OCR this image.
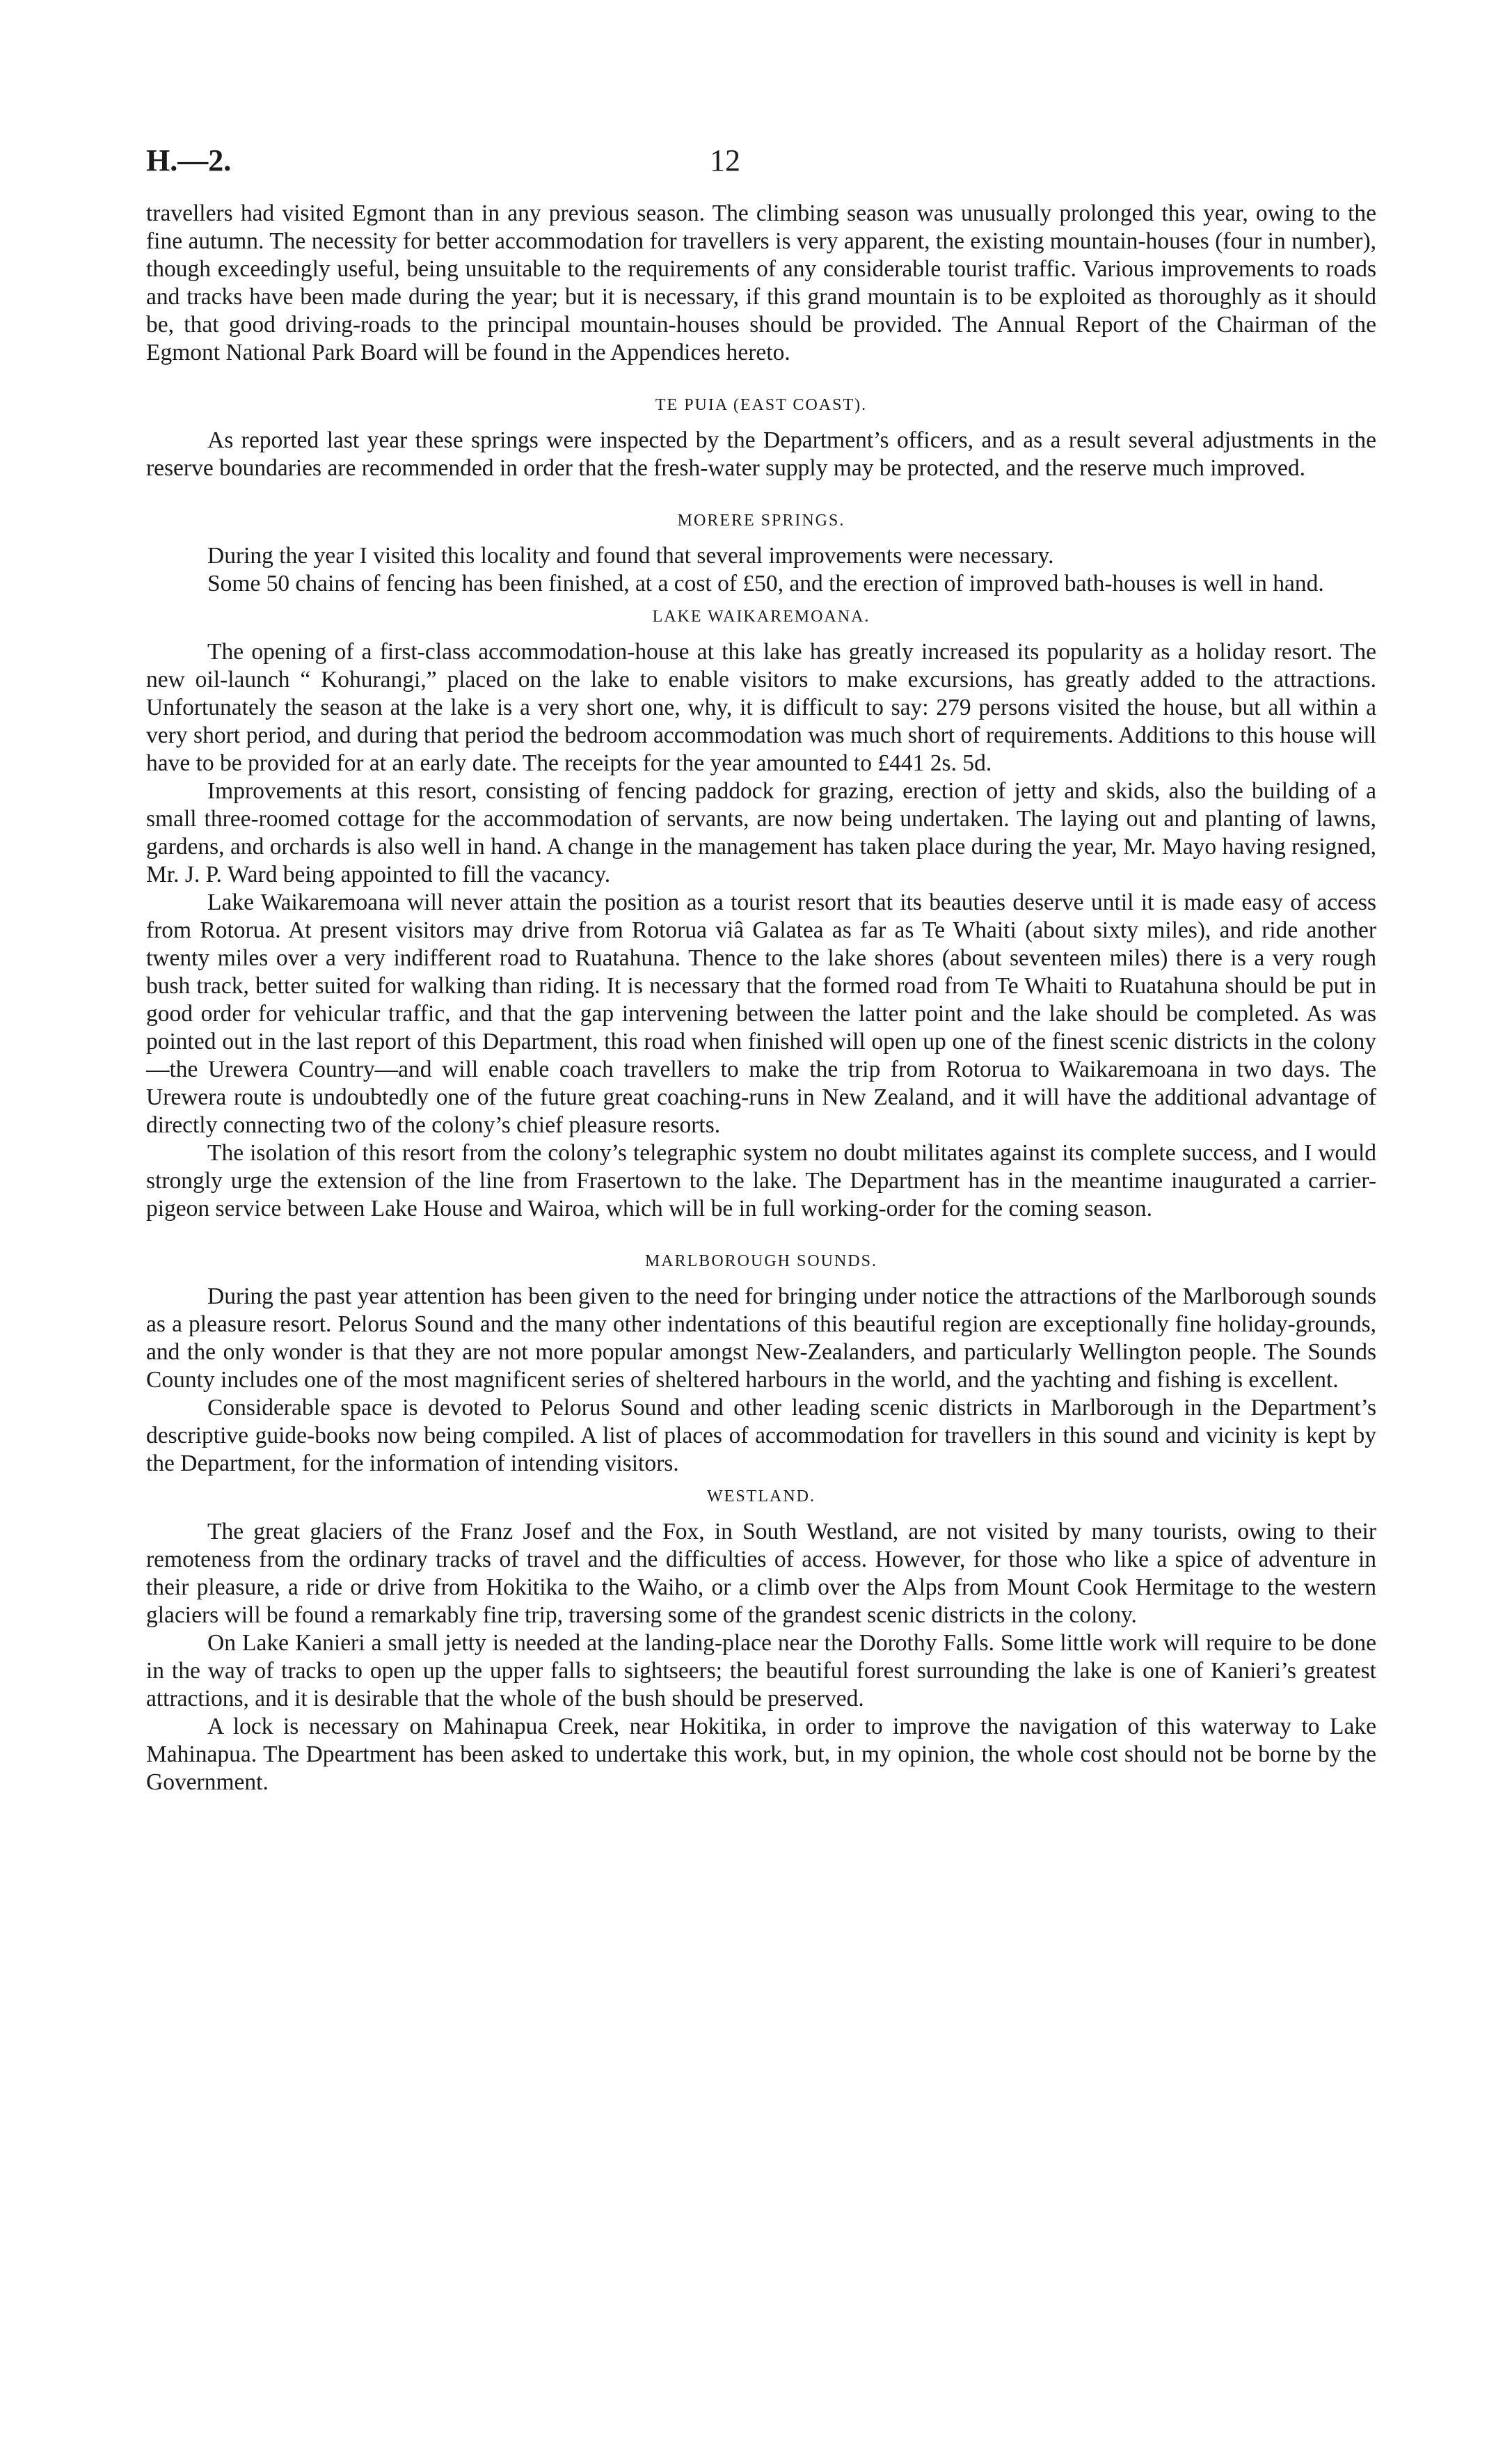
H.—2.	12

travellers had visited Egmont than in any previous season. The climbing season was unusually prolonged this year, owing to the fine autumn. The necessity for better accommodation for travellers is very apparent, the existing mountain-houses (four in number), though exceedingly useful, being unsuitable to the requirements of any considerable tourist traffic. Various improvements to roads and tracks have been made during the year; but it is necessary, if this grand mountain is to be exploited as thoroughly as it should be, that good driving-roads to the principal mountain-houses should be provided. The Annual Report of the Chairman of the Egmont National Park Board will be found in the Appendices hereto.

TE PUIA (EAST COAST).

As reported last year these springs were inspected by the Department’s officers, and as a result several adjustments in the reserve boundaries are recommended in order that the fresh-water supply may be protected, and the reserve much improved.

MORERE SPRINGS.

During the year I visited this locality and found that several improvements were necessary.

Some 50 chains of fencing has been finished, at a cost of £50, and the erection of improved bath-houses is well in hand.

LAKE WAIKAREMOANA.

The opening of a first-class accommodation-house at this lake has greatly increased its popularity as a holiday resort. The new oil-launch “ Kohurangi,” placed on the lake to enable visitors to make excursions, has greatly added to the attractions. Unfortunately the season at the lake is a very short one, why, it is difficult to say: 279 persons visited the house, but all within a very short period, and during that period the bedroom accommodation was much short of requirements. Additions to this house will have to be provided for at an early date. The receipts for the year amounted to £441 2s. 5d.

Improvements at this resort, consisting of fencing paddock for grazing, erection of jetty and skids, also the building of a small three-roomed cottage for the accommodation of servants, are now being undertaken. The laying out and planting of lawns, gardens, and orchards is also well in hand. A change in the management has taken place during the year, Mr. Mayo having resigned, Mr. J. P. Ward being appointed to fill the vacancy.

Lake Waikaremoana will never attain the position as a tourist resort that its beauties deserve until it is made easy of access from Rotorua. At present visitors may drive from Rotorua viâ Galatea as far as Te Whaiti (about sixty miles), and ride another twenty miles over a very indifferent road to Ruatahuna. Thence to the lake shores (about seventeen miles) there is a very rough bush track, better suited for walking than riding. It is necessary that the formed road from Te Whaiti to Ruatahuna should be put in good order for vehicular traffic, and that the gap intervening between the latter point and the lake should be completed. As was pointed out in the last report of this Department, this road when finished will open up one of the finest scenic districts in the colony—the Urewera Country—and will enable coach travellers to make the trip from Rotorua to Waikaremoana in two days. The Urewera route is undoubtedly one of the future great coaching-runs in New Zealand, and it will have the additional advantage of directly connecting two of the colony’s chief pleasure resorts.

The isolation of this resort from the colony’s telegraphic system no doubt militates against its complete success, and I would strongly urge the extension of the line from Frasertown to the lake. The Department has in the meantime inaugurated a carrier-pigeon service between Lake House and Wairoa, which will be in full working-order for the coming season.

MARLBOROUGH SOUNDS.

During the past year attention has been given to the need for bringing under notice the attractions of the Marlborough sounds as a pleasure resort. Pelorus Sound and the many other indentations of this beautiful region are exceptionally fine holiday-grounds, and the only wonder is that they are not more popular amongst New-Zealanders, and particularly Wellington people. The Sounds County includes one of the most magnificent series of sheltered harbours in the world, and the yachting and fishing is excellent.

Considerable space is devoted to Pelorus Sound and other leading scenic districts in Marlborough in the Department’s descriptive guide-books now being compiled. A list of places of accommodation for travellers in this sound and vicinity is kept by the Department, for the information of intending visitors.

WESTLAND.

The great glaciers of the Franz Josef and the Fox, in South Westland, are not visited by many tourists, owing to their remoteness from the ordinary tracks of travel and the difficulties of access. However, for those who like a spice of adventure in their pleasure, a ride or drive from Hokitika to the Waiho, or a climb over the Alps from Mount Cook Hermitage to the western glaciers will be found a remarkably fine trip, traversing some of the grandest scenic districts in the colony.

On Lake Kanieri a small jetty is needed at the landing-place near the Dorothy Falls. Some little work will require to be done in the way of tracks to open up the upper falls to sightseers; the beautiful forest surrounding the lake is one of Kanieri’s greatest attractions, and it is desirable that the whole of the bush should be preserved.

A lock is necessary on Mahinapua Creek, near Hokitika, in order to improve the navigation of this waterway to Lake Mahinapua. The Dpeartment has been asked to undertake this work, but, in my opinion, the whole cost should not be borne by the Government.
